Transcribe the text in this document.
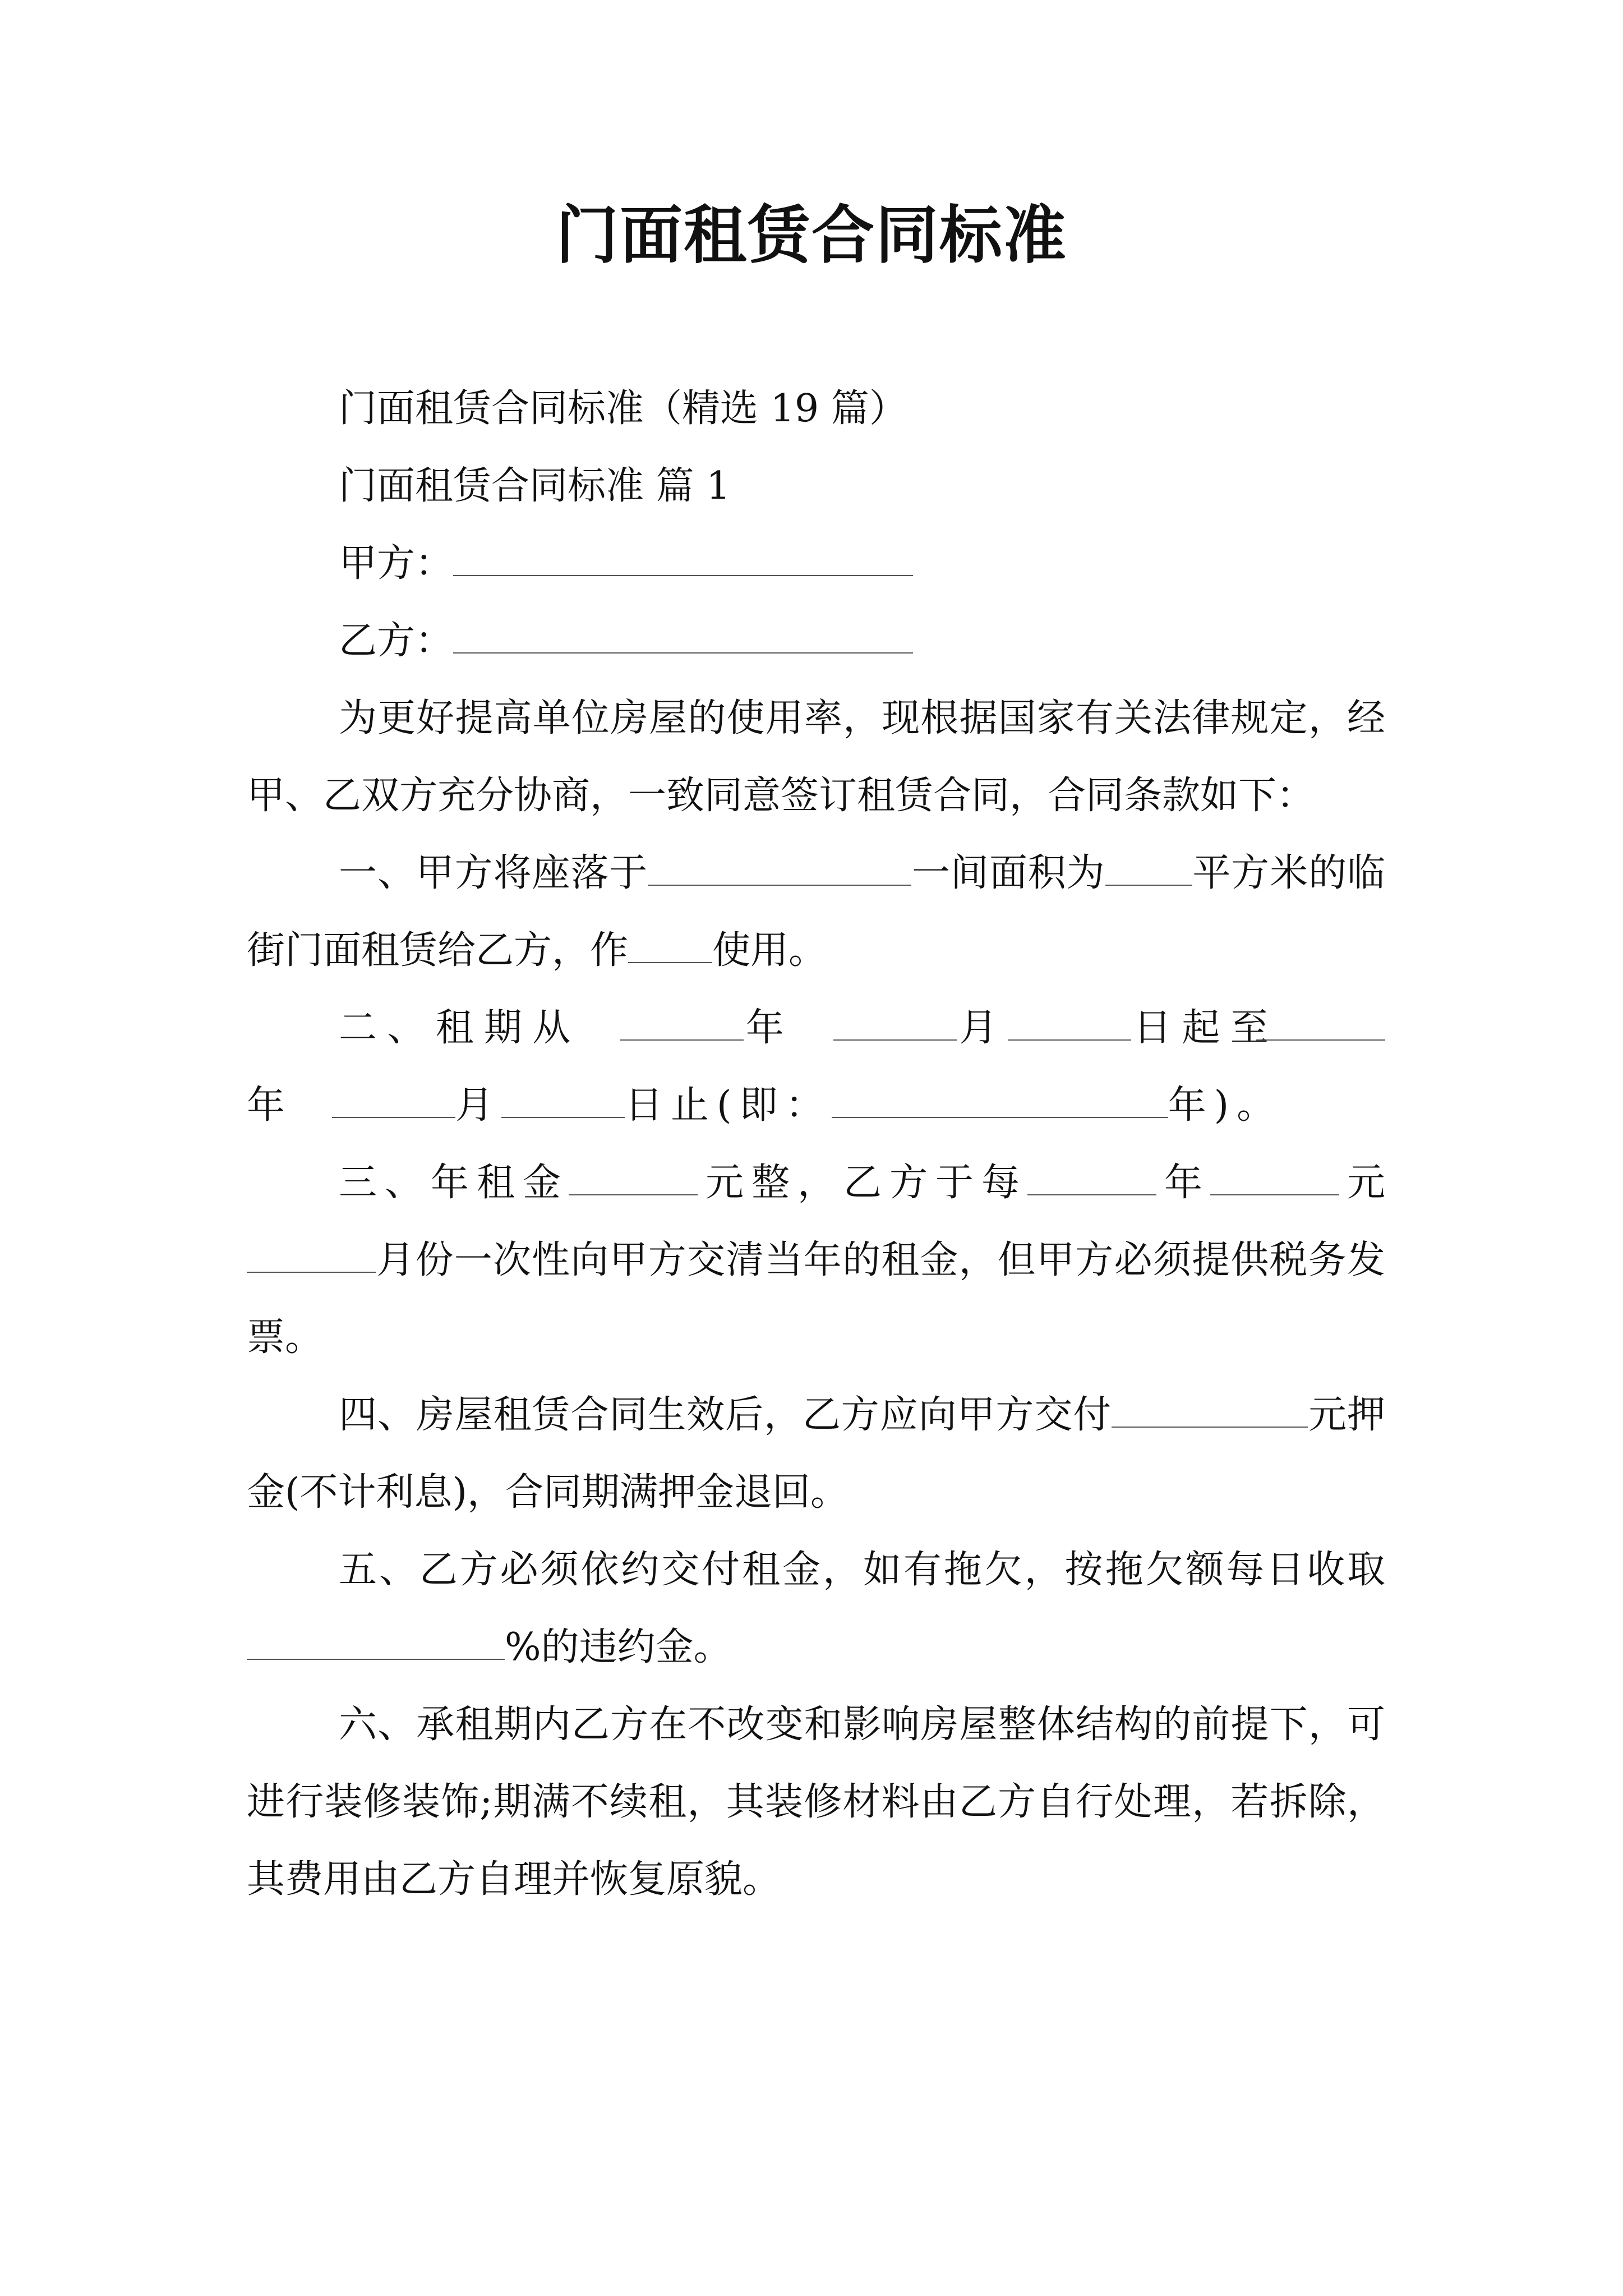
门面租赁合同标准

门面租赁合同标准（精选 19 篇）

门面租赁合同标准 篇 1

甲方：

乙方：

为更好提高单位房屋的使用率，现根据国家有关法律规定，经甲、乙双方充分协商，一致同意签订租赁合同，合同条款如下：

一、甲方将座落于	一间面积为 平方米的临街门面租赁给乙方，作 使用。

二、租期从	年	月	日起至年	月	日止(即：	年)。

三、年租金	元整，乙方于每	年	元月份一次性向甲方交清当年的租金，但甲方必须提供税务发票。

四、房屋租赁合同生效后，乙方应向甲方交付	元押金(不计利息)，合同期满押金退回。

五、乙方必须依约交付租金，如有拖欠，按拖欠额每日收取%的违约金。

六、承租期内乙方在不改变和影响房屋整体结构的前提下，可进行装修装饰;期满不续租，其装修材料由乙方自行处理，若拆除，其费用由乙方自理并恢复原貌。
